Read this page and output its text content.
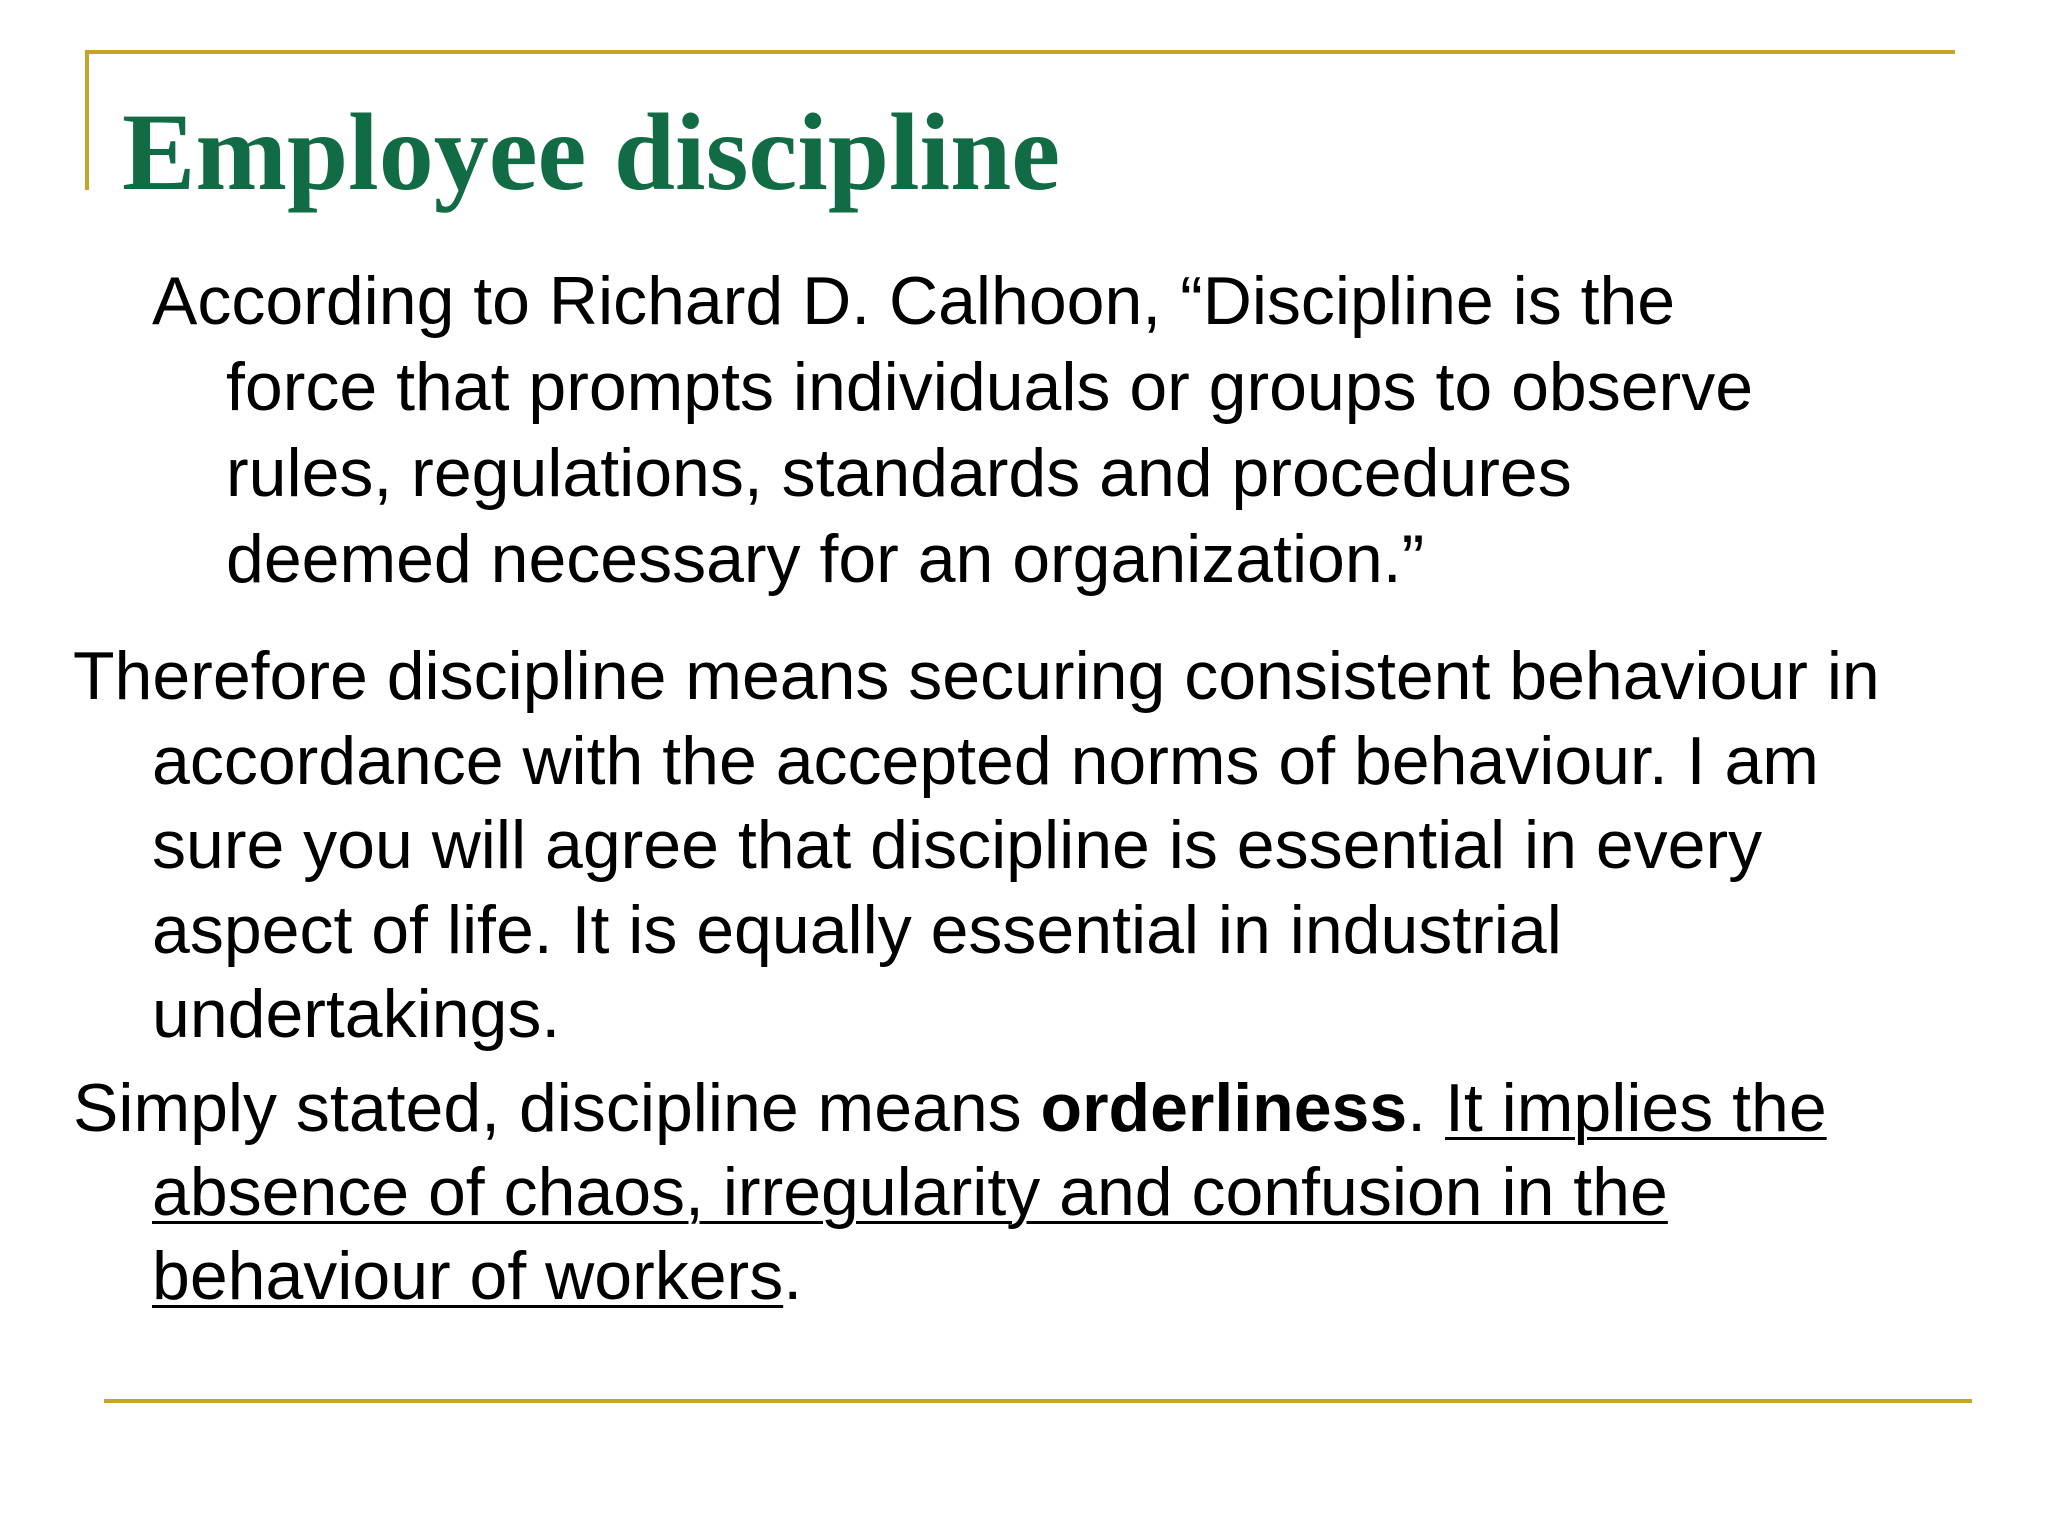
Employee discipline

According to Richard D. Calhoon, “Discipline is the
force that prompts individuals or groups to observe
rules, regulations, standards and procedures
deemed necessary for an organization.”

Therefore discipline means securing consistent behaviour in
accordance with the accepted norms of behaviour. I am
sure you will agree that discipline is essential in every
aspect of life. It is equally essential in industrial
undertakings.

Simply stated, discipline means orderliness. It implies the
absence of chaos, irregularity and confusion in the
behaviour of workers.
